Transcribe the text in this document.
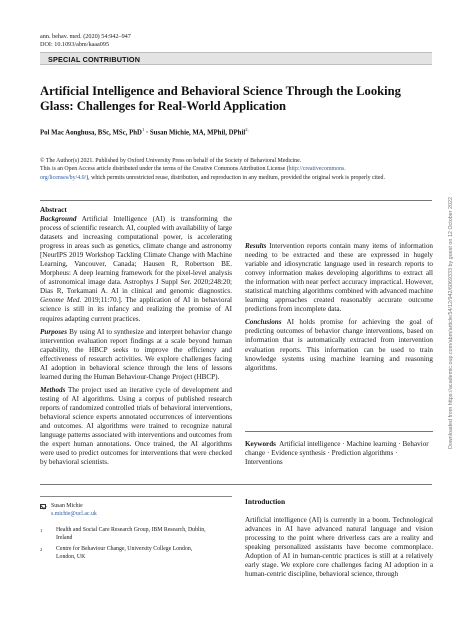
ann. behav. med. (2020) 54:942–947
DOI: 10.1093/abm/kaaa095
SPECIAL CONTRIBUTION
Artificial Intelligence and Behavioral Science Through the Looking Glass: Challenges for Real-World Application
Pol Mac Aonghusa, BSc, MSc, PhD$^1$ · Susan Michie, MA, MPhil, DPhil$^{2,}$
© The Author(s) 2021. Published by Oxford University Press on behalf of the Society of Behavioral Medicine.
This is an Open Access article distributed under the terms of the Creative Commons Attribution License (http://creativecommons.
org/licenses/by/4.0/), which permits unrestricted reuse, distribution, and reproduction in any medium, provided the original work is properly cited.
Abstract

Background Artificial Intelligence (AI) is transforming the process of scientific research. AI, coupled with availability of large datasets and increasing computational power, is accelerating progress in areas such as genetics, climate change and astronomy [NeurIPS 2019 Workshop Tackling Climate Change with Machine Learning, Vancouver, Canada; Hausen R, Robertson BE. Morpheus: A deep learning framework for the pixel-level analysis of astronomical image data. Astrophys J Suppl Ser. 2020;248:20; Dias R, Torkamani A. AI in clinical and genomic diagnostics. Genome Med. 2019;11:70.]. The application of AI in behavioral science is still in its infancy and realizing the promise of AI requires adapting current practices.

Purposes By using AI to synthesize and interpret behavior change intervention evaluation report findings at a scale beyond human capability, the HBCP seeks to improve the efficiency and effectiveness of research activities. We explore challenges facing AI adoption in behavioral science through the lens of lessons learned during the Human Behaviour-Change Project (HBCP).

Methods The project used an iterative cycle of development and testing of AI algorithms. Using a corpus of published research reports of randomized controlled trials of behavioral interventions, behavioral science experts annotated occurrences of interventions and outcomes. AI algorithms were trained to recognize natural language patterns associated with interventions and outcomes from the expert human annotations. Once trained, the AI algorithms were used to predict outcomes for interventions that were checked by behavioral scientists.

Results Intervention reports contain many items of information needing to be extracted and these are expressed in hugely variable and idiosyncratic language used in research reports to convey information makes developing algorithms to extract all the information with near perfect accuracy impractical. However, statistical matching algorithms combined with advanced machine learning approaches created reasonably accurate outcome predictions from incomplete data.

Conclusions AI holds promise for achieving the goal of predicting outcomes of behavior change interventions, based on information that is automatically extracted from intervention evaluation reports. This information can be used to train knowledge systems using machine learning and reasoning algorithms.

Keywords Artificial intelligence · Machine learning · Behavior change · Evidence synthesis · Prediction algorithms · Interventions
Susan Michie
s.michie@ucl.ac.uk
1 Health and Social Care Research Group, IBM Research, Dublin, Ireland
2 Centre for Behaviour Change, University College London, London, UK
Introduction

Artificial intelligence (AI) is currently in a boom. Technological advances in AI have advanced natural language and vision processing to the point where driverless cars are a reality and speaking personalized assistants have become commonplace. Adoption of AI in human-centric practices is still at a relatively early stage. We explore core challenges facing AI adoption in a human-centric discipline, behavioral science, through

Downloaded from https://academic.oup.com/abm/article/54/12/942/6069333 by guest on 12 October 2022
